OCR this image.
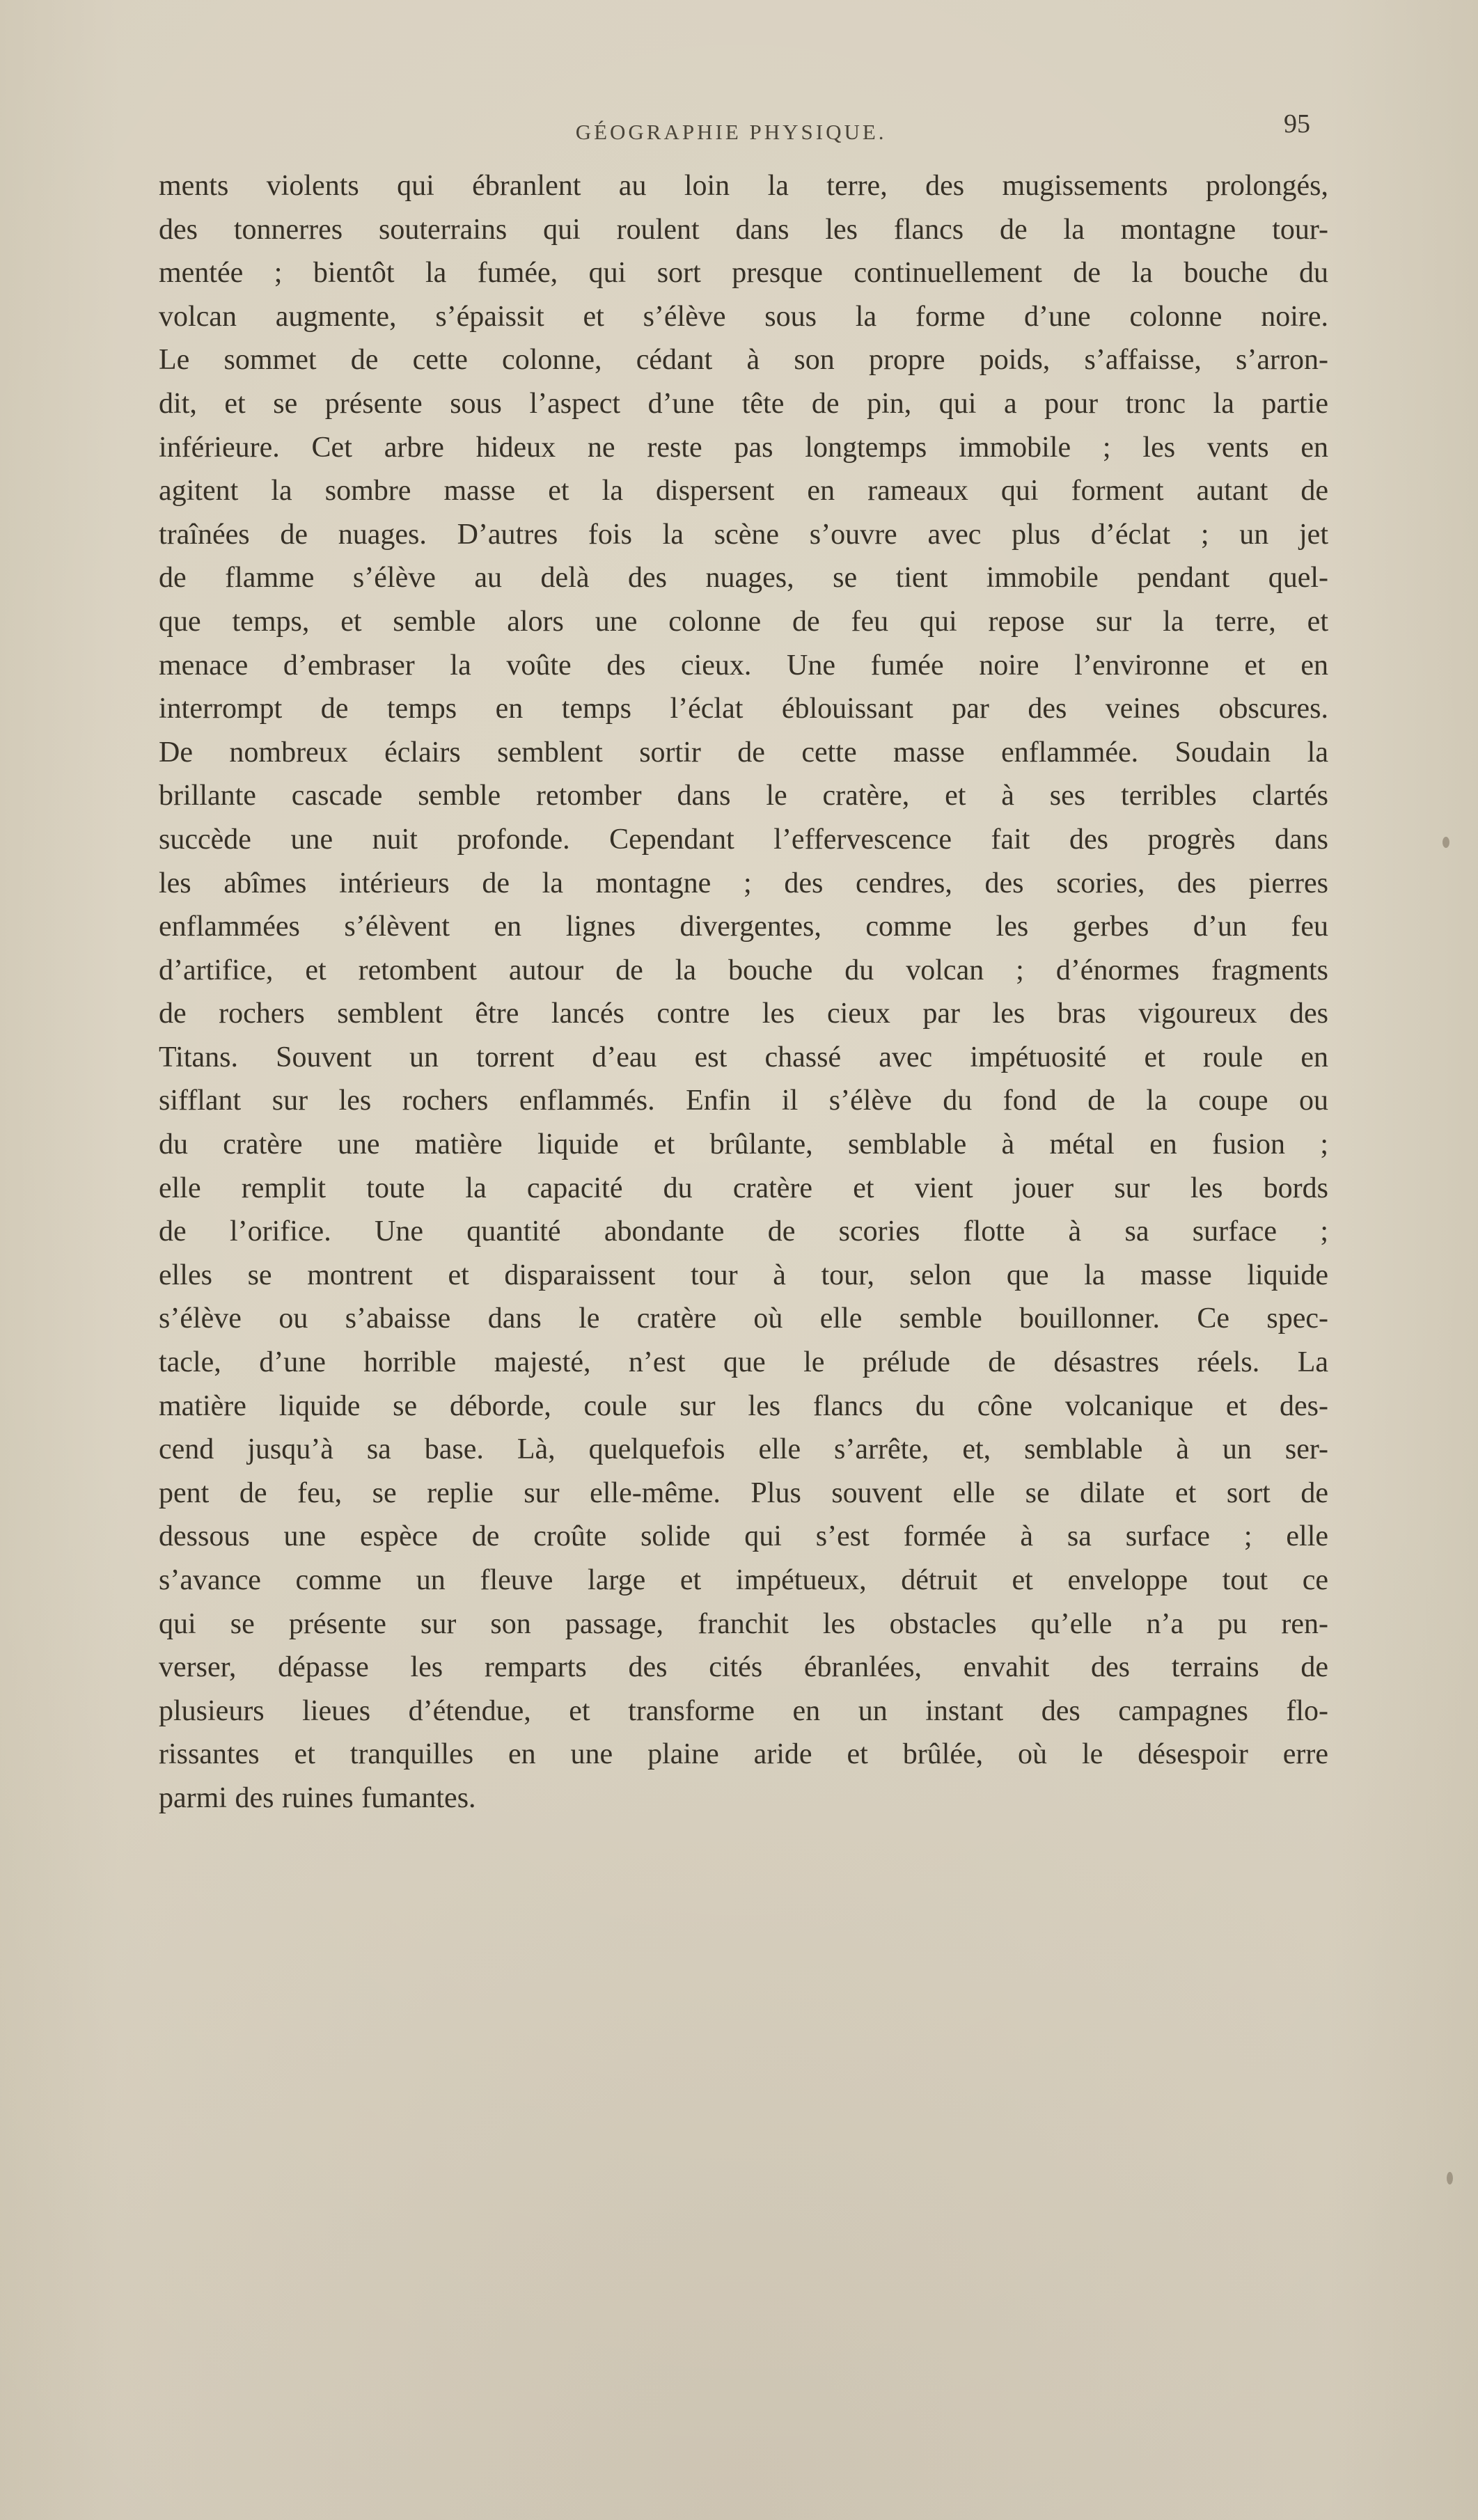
GÉOGRAPHIE PHYSIQUE.	95
ments violents qui ébranlent au loin la terre, des mugissements prolongés,
des tonnerres souterrains qui roulent dans les flancs de la montagne tour-
mentée ; bientôt la fumée, qui sort presque continuellement de la bouche du
volcan augmente, s’épaissit et s’élève sous la forme d’une colonne noire.
Le sommet de cette colonne, cédant à son propre poids, s’affaisse, s’arron-
dit, et se présente sous l’aspect d’une tête de pin, qui a pour tronc la partie
inférieure. Cet arbre hideux ne reste pas longtemps immobile ; les vents en
agitent la sombre masse et la dispersent en rameaux qui forment autant de
traînées de nuages. D’autres fois la scène s’ouvre avec plus d’éclat ; un jet
de flamme s’élève au delà des nuages, se tient immobile pendant quel-
que temps, et semble alors une colonne de feu qui repose sur la terre, et
menace d’embraser la voûte des cieux. Une fumée noire l’environne et en
interrompt de temps en temps l’éclat éblouissant par des veines obscures.
De nombreux éclairs semblent sortir de cette masse enflammée. Soudain la
brillante cascade semble retomber dans le cratère, et à ses terribles clartés
succède une nuit profonde. Cependant l’effervescence fait des progrès dans
les abîmes intérieurs de la montagne ; des cendres, des scories, des pierres
enflammées s’élèvent en lignes divergentes, comme les gerbes d’un feu
d’artifice, et retombent autour de la bouche du volcan ; d’énormes fragments
de rochers semblent être lancés contre les cieux par les bras vigoureux des
Titans. Souvent un torrent d’eau est chassé avec impétuosité et roule en
sifflant sur les rochers enflammés. Enfin il s’élève du fond de la coupe ou
du cratère une matière liquide et brûlante, semblable à métal en fusion ;
elle remplit toute la capacité du cratère et vient jouer sur les bords
de l’orifice. Une quantité abondante de scories flotte à sa surface ;
elles se montrent et disparaissent tour à tour, selon que la masse liquide
s’élève ou s’abaisse dans le cratère où elle semble bouillonner. Ce spec-
tacle, d’une horrible majesté, n’est que le prélude de désastres réels. La
matière liquide se déborde, coule sur les flancs du cône volcanique et des-
cend jusqu’à sa base. Là, quelquefois elle s’arrête, et, semblable à un ser-
pent de feu, se replie sur elle-même. Plus souvent elle se dilate et sort de
dessous une espèce de croûte solide qui s’est formée à sa surface ; elle
s’avance comme un fleuve large et impétueux, détruit et enveloppe tout ce
qui se présente sur son passage, franchit les obstacles qu’elle n’a pu ren-
verser, dépasse les remparts des cités ébranlées, envahit des terrains de
plusieurs lieues d’étendue, et transforme en un instant des campagnes flo-
rissantes et tranquilles en une plaine aride et brûlée, où le désespoir erre
parmi des ruines fumantes.
